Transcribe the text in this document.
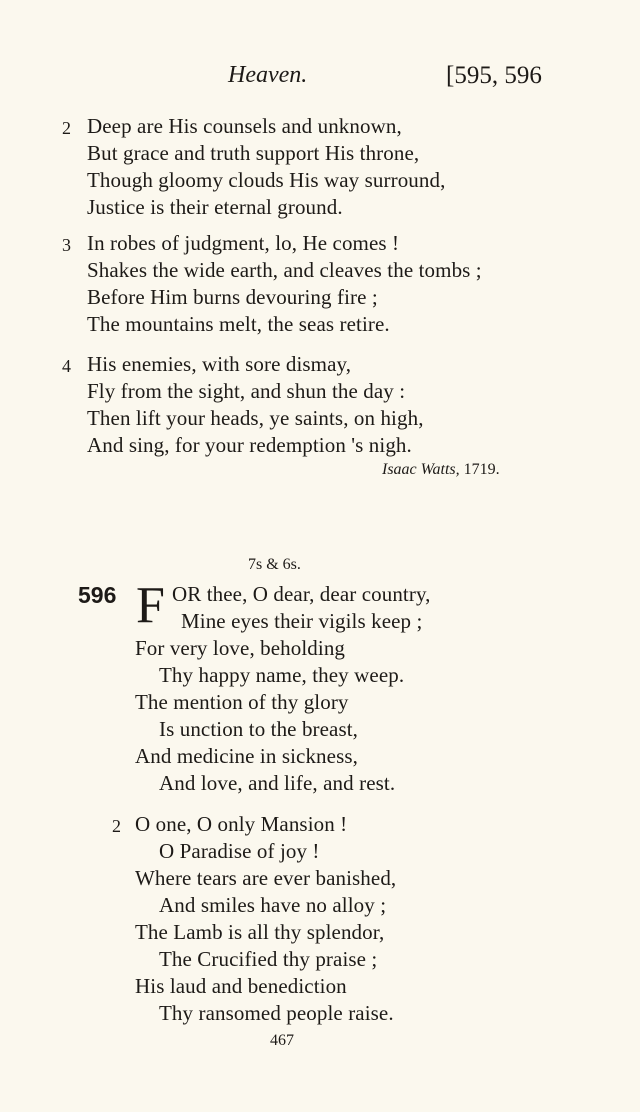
Heaven.	[595, 596
2 Deep are His counsels and unknown,
But grace and truth support His throne,
Though gloomy clouds His way surround,
Justice is their eternal ground.
3 In robes of judgment, lo, He comes !
Shakes the wide earth, and cleaves the tombs ;
Before Him burns devouring fire ;
The mountains melt, the seas retire.
4 His enemies, with sore dismay,
Fly from the sight, and shun the day :
Then lift your heads, ye saints, on high,
And sing, for your redemption 's nigh.
Isaac Watts, 1719.
7s & 6s.
596 F OR thee, O dear, dear country,
Mine eyes their vigils keep ;
For very love, beholding
Thy happy name, they weep.
The mention of thy glory
Is unction to the breast,
And medicine in sickness,
And love, and life, and rest.
2 O one, O only Mansion !
O Paradise of joy !
Where tears are ever banished,
And smiles have no alloy ;
The Lamb is all thy splendor,
The Crucified thy praise ;
His laud and benediction
Thy ransomed people raise.
467
